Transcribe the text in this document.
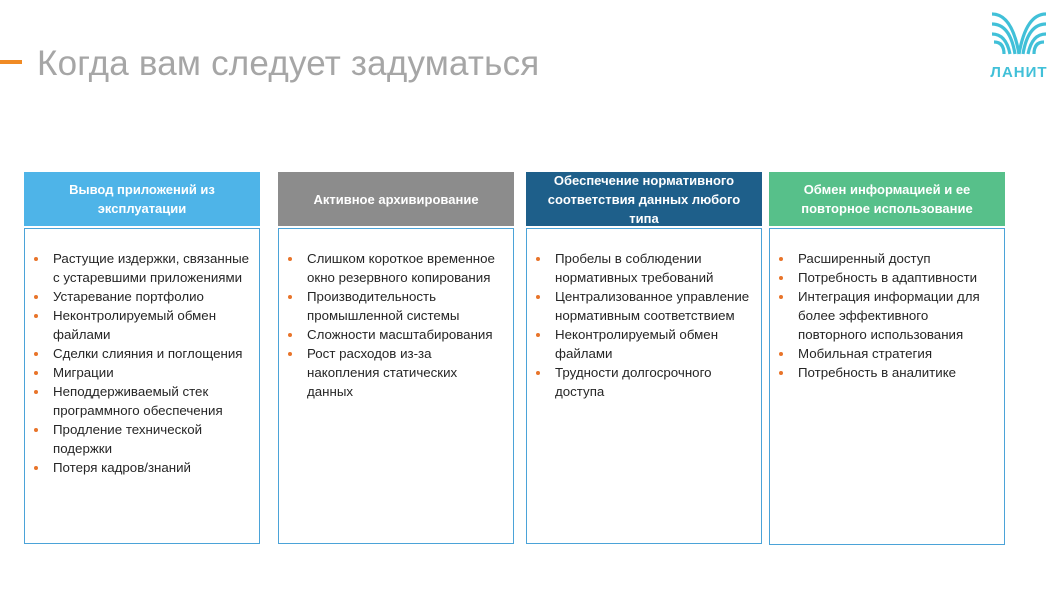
Когда вам следует задуматься	ЛАНИТ
Вывод приложений из эксплуатации
Растущие издержки, связанные с устаревшими приложениями
Устаревание портфолио
Неконтролируемый обмен файлами
Сделки слияния и поглощения
Миграции
Неподдерживаемый стек программного обеспечения
Продление технической подержки
Потеря кадров/знаний
Активное архивирование
Слишком короткое временное окно резервного копирования
Производительность промышленной системы
Сложности масштабирования
Рост расходов из-за накопления статических данных
Обеспечение нормативного соответствия данных любого типа
Пробелы в соблюдении нормативных требований
Централизованное управление нормативным соответствием
Неконтролируемый обмен файлами
Трудности долгосрочного доступа
Обмен информацией и ее повторное использование
Расширенный доступ
Потребность в адаптивности
Интеграция информации для более эффективного повторного использования
Мобильная стратегия
Потребность в аналитике
